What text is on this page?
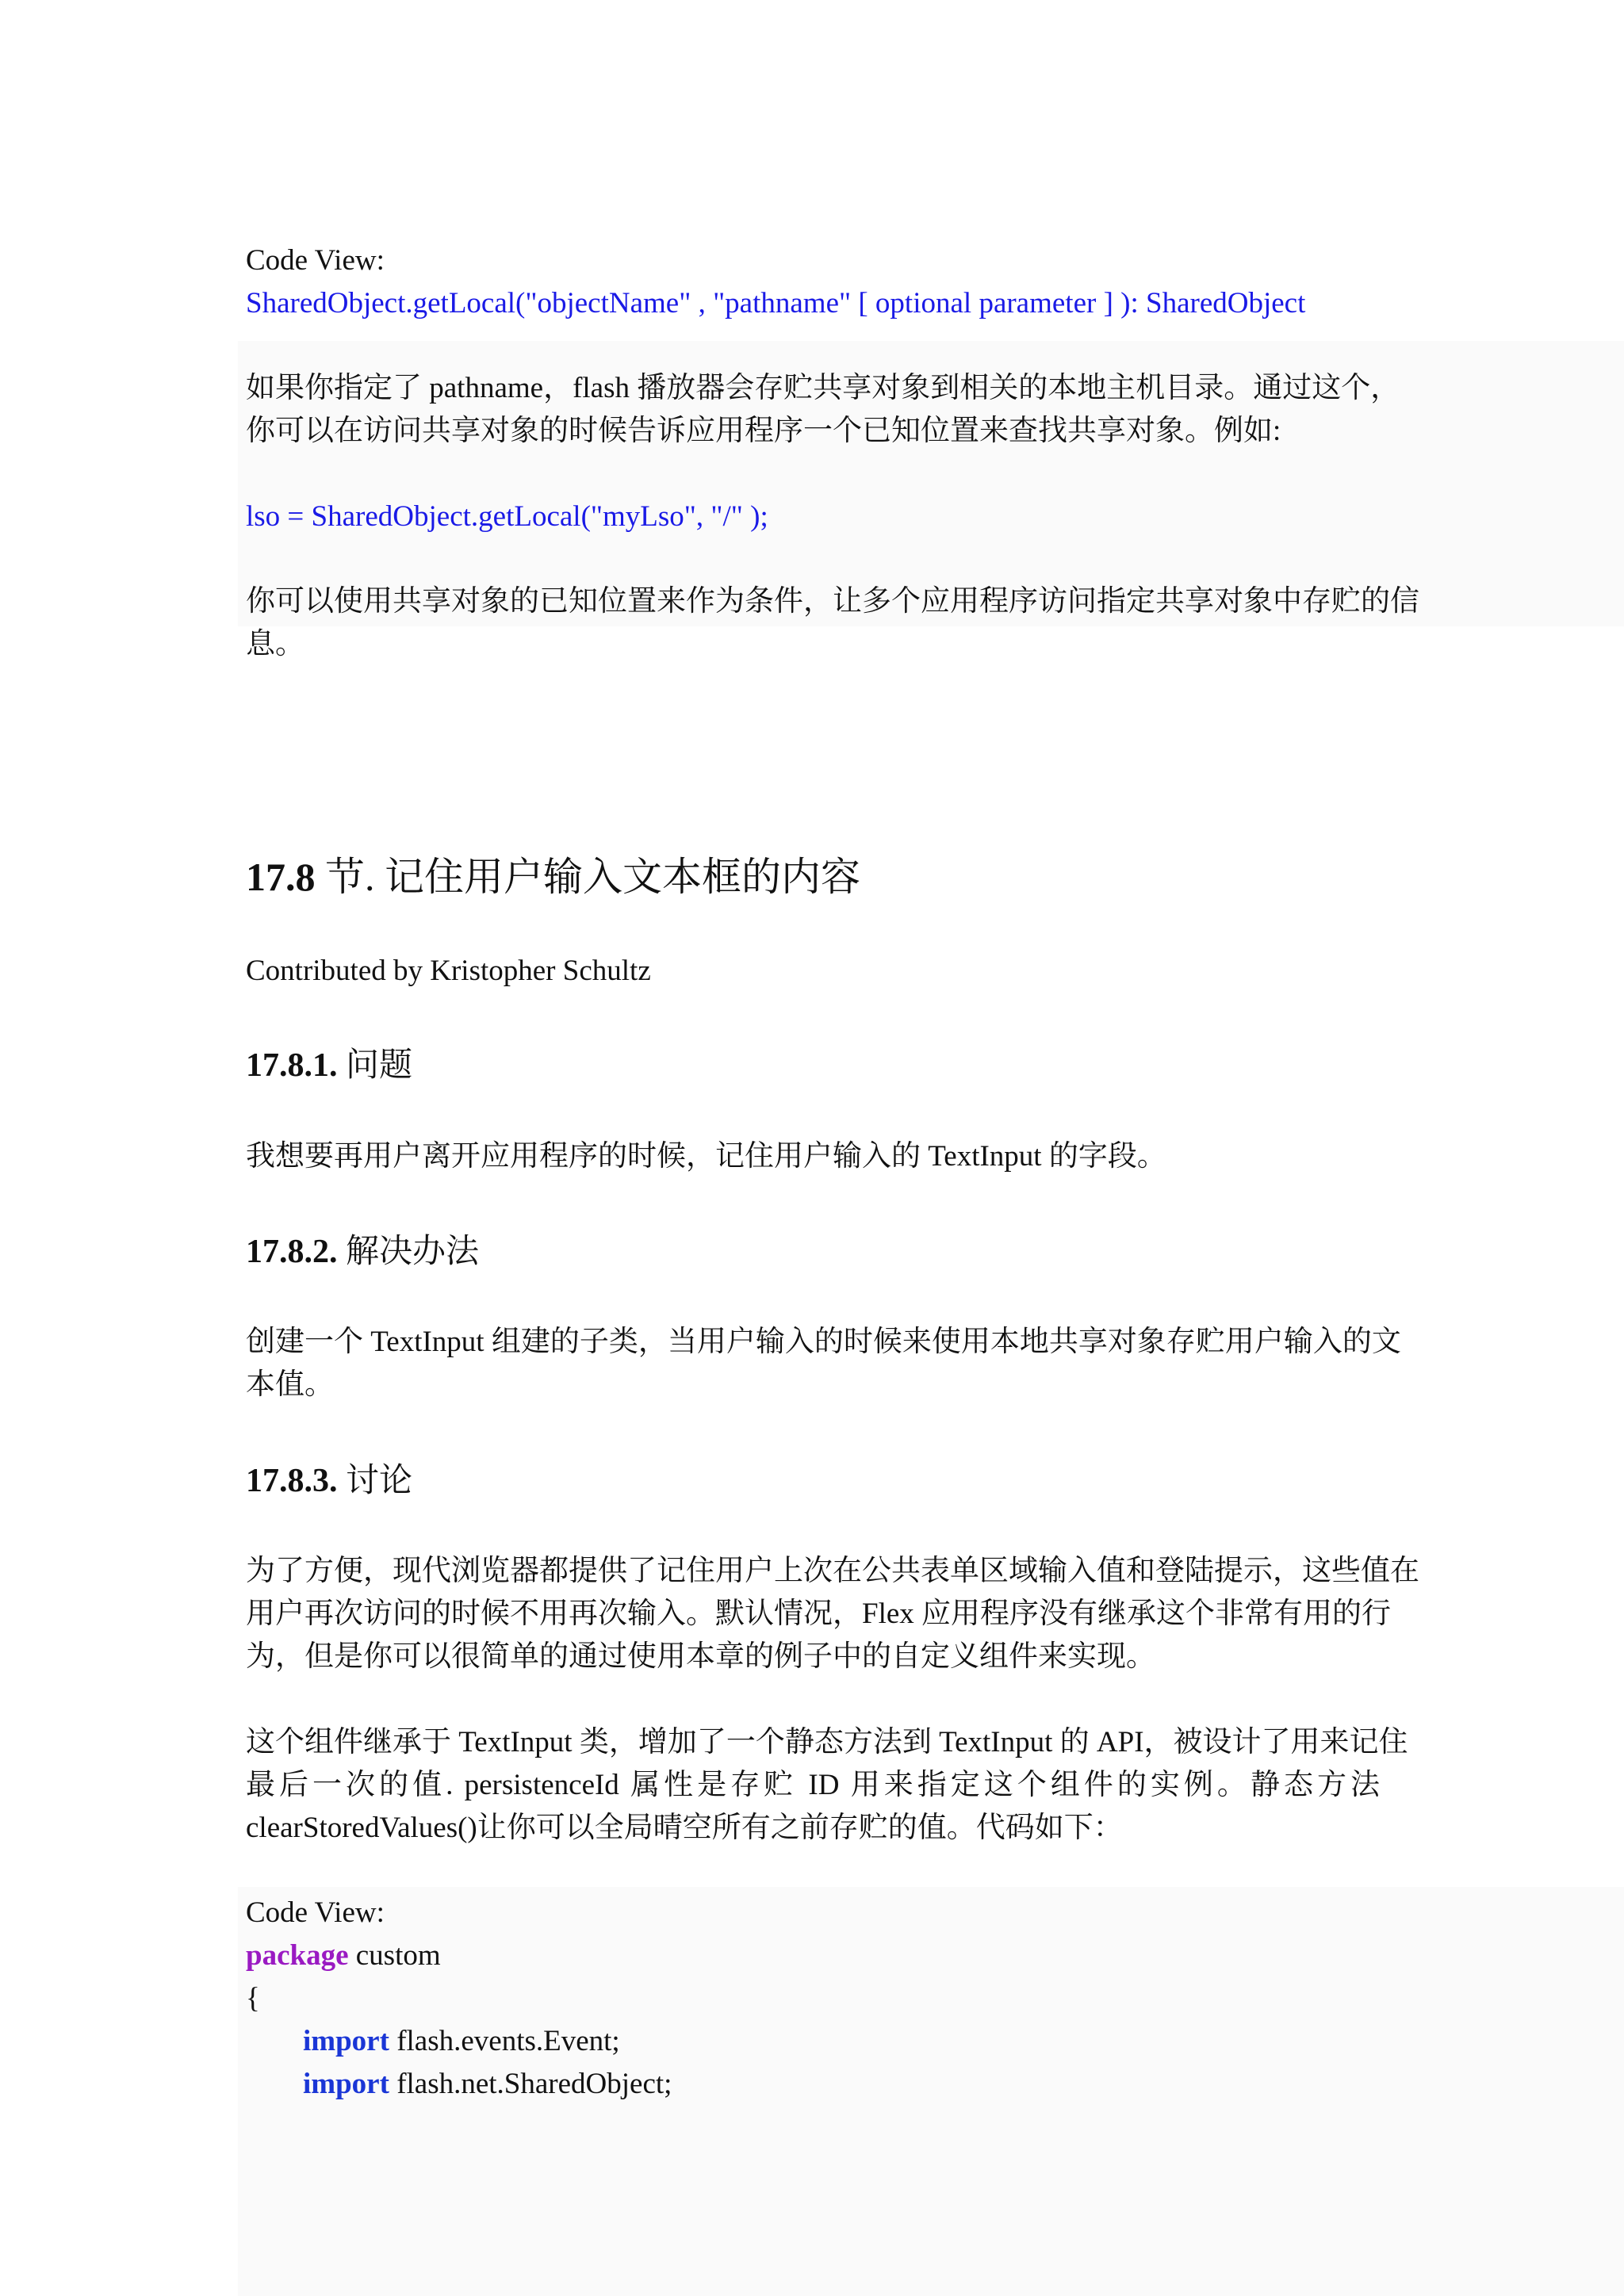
Code View:
SharedObject.getLocal("objectName" , "pathname" [ optional parameter ] ): SharedObject
如果你指定了 pathname，flash 播放器会存贮共享对象到相关的本地主机目录。通过这个，
你可以在访问共享对象的时候告诉应用程序一个已知位置来查找共享对象。例如:
lso = SharedObject.getLocal("myLso", "/" );
你可以使用共享对象的已知位置来作为条件，让多个应用程序访问指定共享对象中存贮的信
息。
17.8 节. 记住用户输入文本框的内容
Contributed by Kristopher Schultz
17.8.1. 问题
我想要再用户离开应用程序的时候，记住用户输入的 TextInput 的字段。
17.8.2. 解决办法
创建一个 TextInput 组建的子类，当用户输入的时候来使用本地共享对象存贮用户输入的文
本值。
17.8.3. 讨论
为了方便，现代浏览器都提供了记住用户上次在公共表单区域输入值和登陆提示，这些值在
用户再次访问的时候不用再次输入。默认情况，Flex 应用程序没有继承这个非常有用的行
为，但是你可以很简单的通过使用本章的例子中的自定义组件来实现。
这个组件继承于 TextInput 类，增加了一个静态方法到 TextInput 的 API，被设计了用来记住
最后一次的值. persistenceId 属性是存贮 ID 用来指定这个组件的实例。静态方法
clearStoredValues()让你可以全局晴空所有之前存贮的值。代码如下：
Code View:
package custom
{
import flash.events.Event;
import flash.net.SharedObject;
